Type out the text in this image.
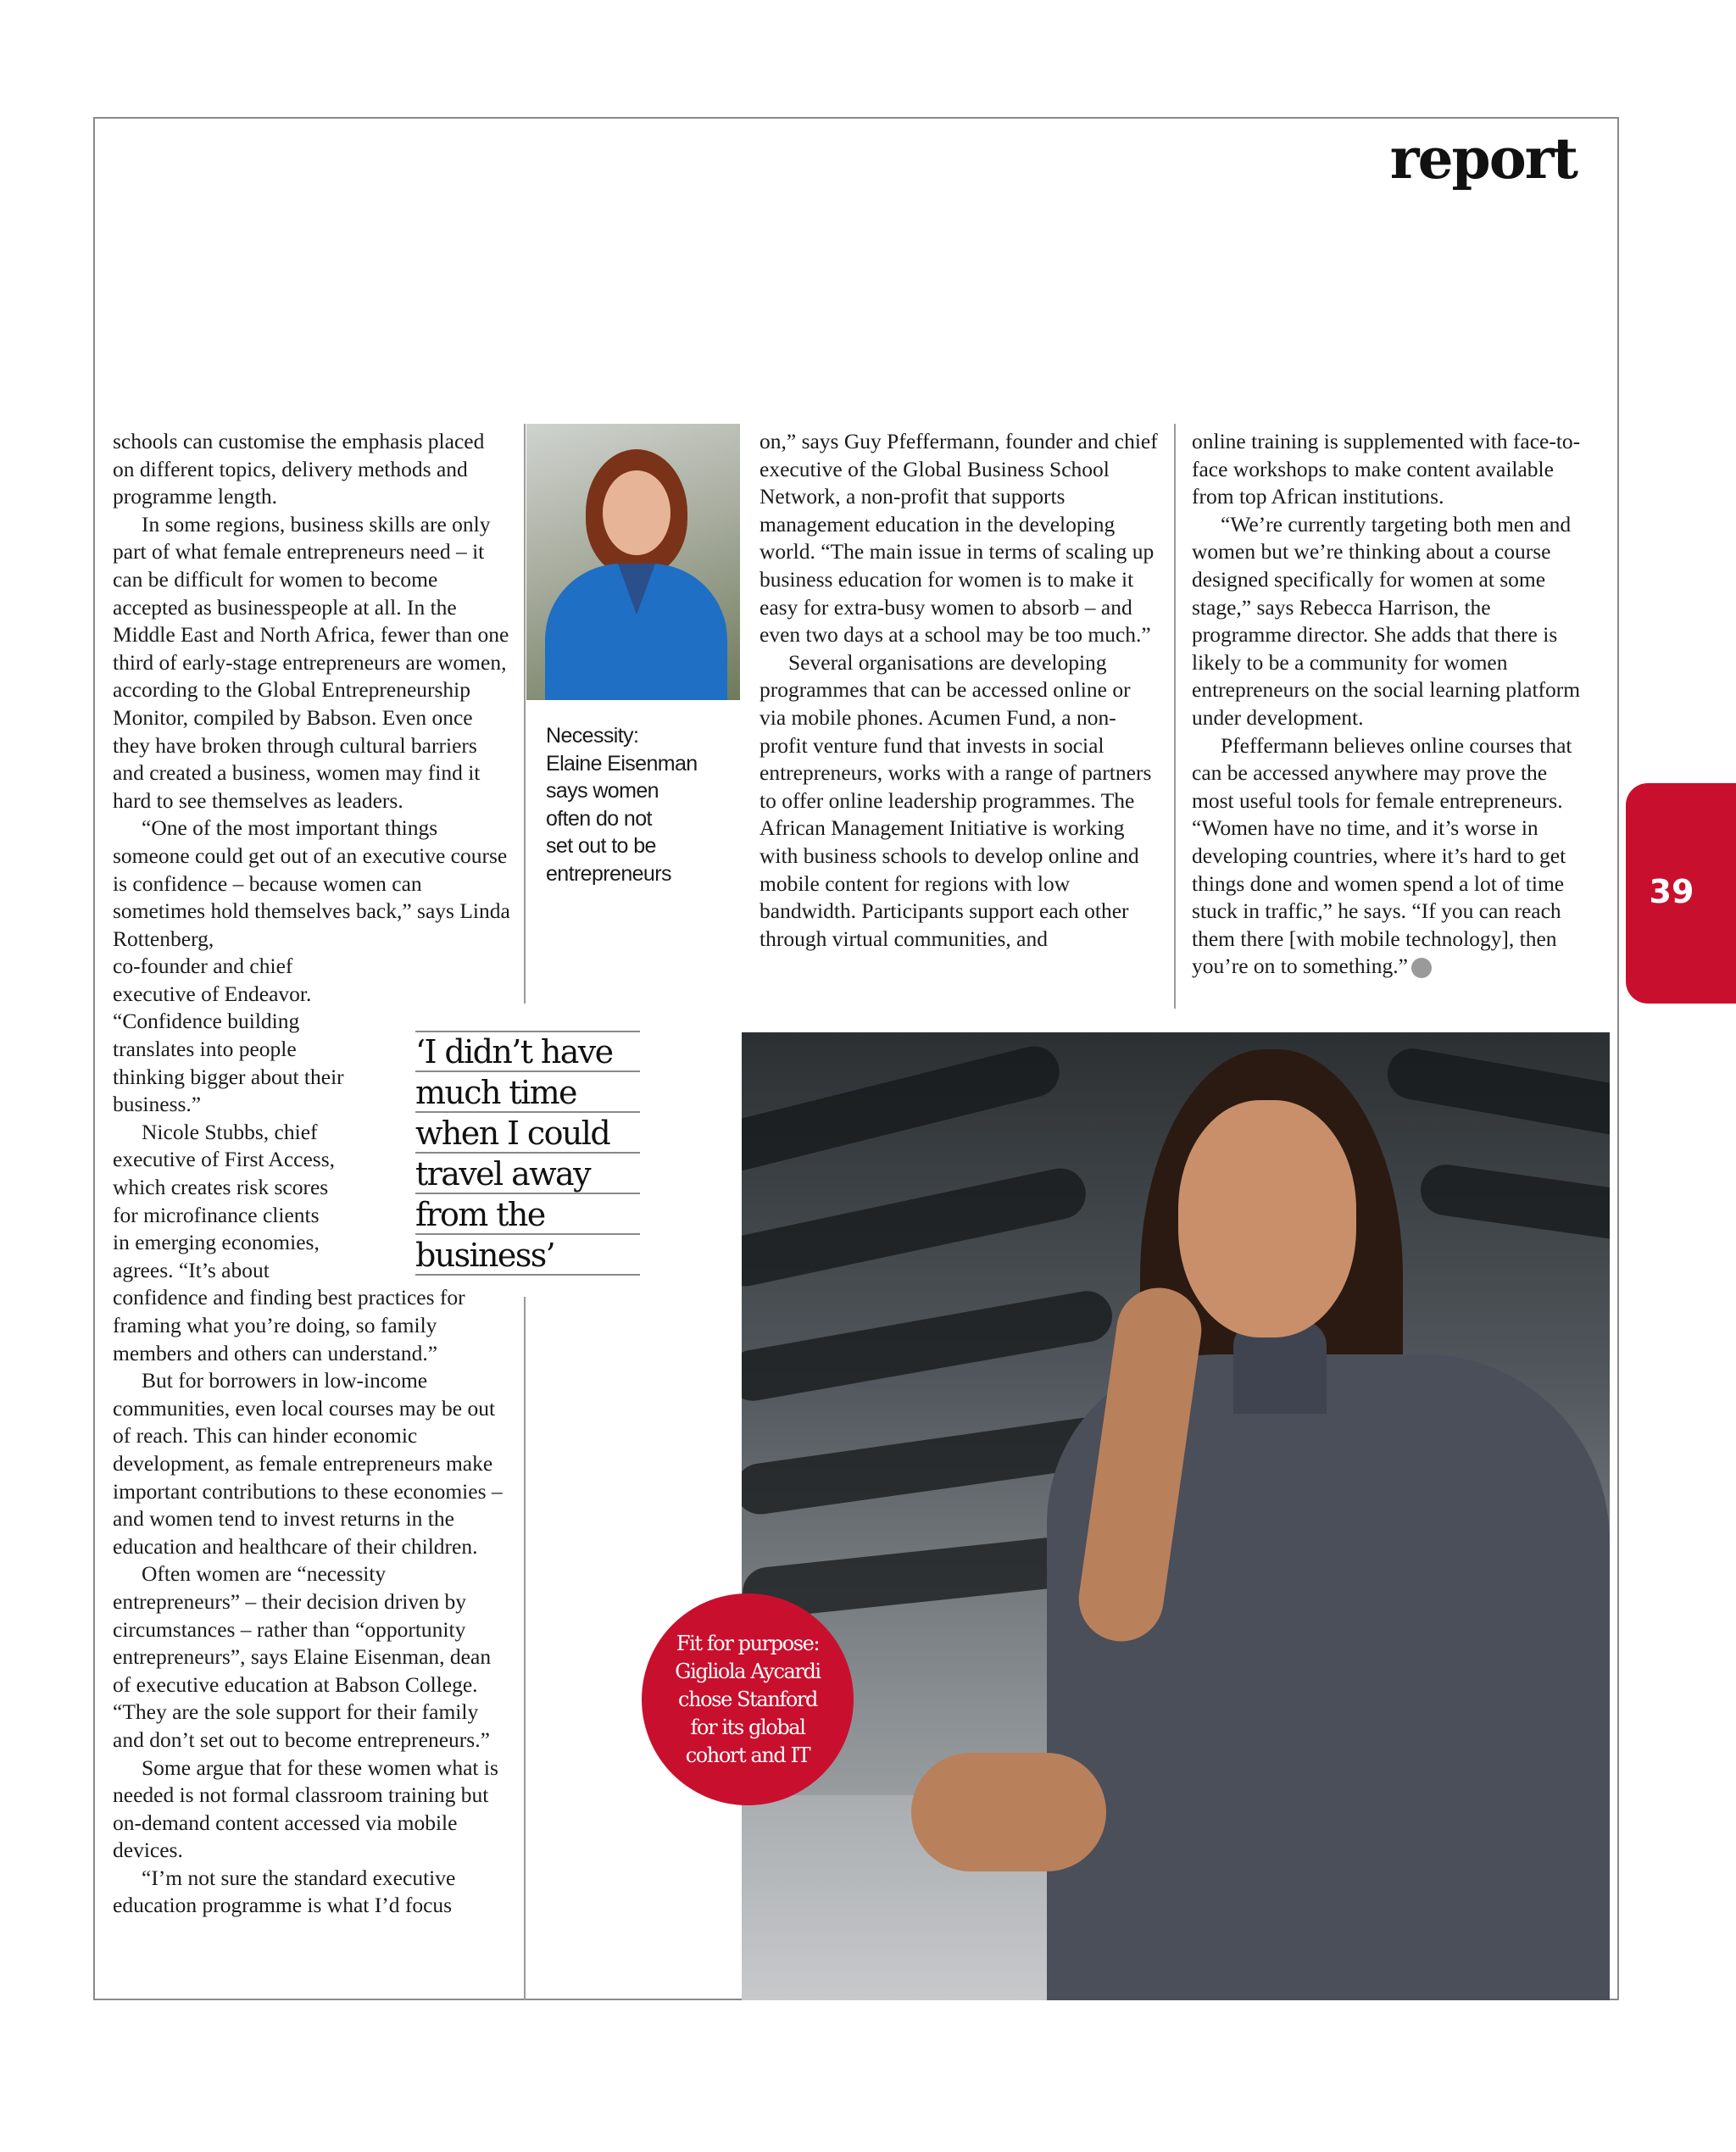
report

schools can customise the emphasis placed on different topics, delivery methods and programme length.

In some regions, business skills are only part of what female entrepreneurs need – it can be difficult for women to become accepted as businesspeople at all. In the Middle East and North Africa, fewer than one third of early-stage entrepreneurs are women, according to the Global Entrepreneurship Monitor, compiled by Babson. Even once they have broken through cultural barriers and created a business, women may find it hard to see themselves as leaders.

“One of the most important things someone could get out of an executive course is confidence – because women can sometimes hold themselves back,” says Linda Rottenberg,

co-founder and chief
executive of Endeavor.
“Confidence building
translates into people
thinking bigger about their
business.”
Nicole Stubbs, chief
executive of First Access,
which creates risk scores
for microfinance clients
in emerging economies,
agrees. “It’s about

confidence and finding best practices for framing what you’re doing, so family members and others can understand.”

But for borrowers in low-income communities, even local courses may be out of reach. This can hinder economic development, as female entrepreneurs make important contributions to these economies – and women tend to invest returns in the education and healthcare of their children.

Often women are “necessity entrepreneurs” – their decision driven by circumstances – rather than “opportunity entrepreneurs”, says Elaine Eisenman, dean of executive education at Babson College. “They are the sole support for their family and don’t set out to become entrepreneurs.”

Some argue that for these women what is needed is not formal classroom training but on-demand content accessed via mobile devices.

“I’m not sure the standard executive education programme is what I’d focus

Necessity:
Elaine Eisenman
says women
often do not
set out to be
entrepreneurs
‘I didn’t have
much time
when I could
travel away
from the
business’

on,” says Guy Pfeffermann, founder and chief executive of the Global Business School Network, a non-profit that supports management education in the developing world. “The main issue in terms of scaling up business education for women is to make it easy for extra-busy women to absorb – and even two days at a school may be too much.”

Several organisations are developing programmes that can be accessed online or via mobile phones. Acumen Fund, a non-profit venture fund that invests in social entrepreneurs, works with a range of partners to offer online leadership programmes. The African Management Initiative is working with business schools to develop online and mobile content for regions with low bandwidth. Participants support each other through virtual communities, and

online training is supplemented with face-to-face workshops to make content available from top African institutions.

“We’re currently targeting both men and women but we’re thinking about a course designed specifically for women at some stage,” says Rebecca Harrison, the programme director. She adds that there is likely to be a community for women entrepreneurs on the social learning platform under development.

Pfeffermann believes online courses that can be accessed anywhere may prove the most useful tools for female entrepreneurs. “Women have no time, and it’s worse in developing countries, where it’s hard to get things done and women spend a lot of time stuck in traffic,” he says. “If you can reach them there [with mobile technology], then you’re on to something.”	B

Fit for purpose: Gigliola Aycardi chose Stanford for its global cohort and IT
39
